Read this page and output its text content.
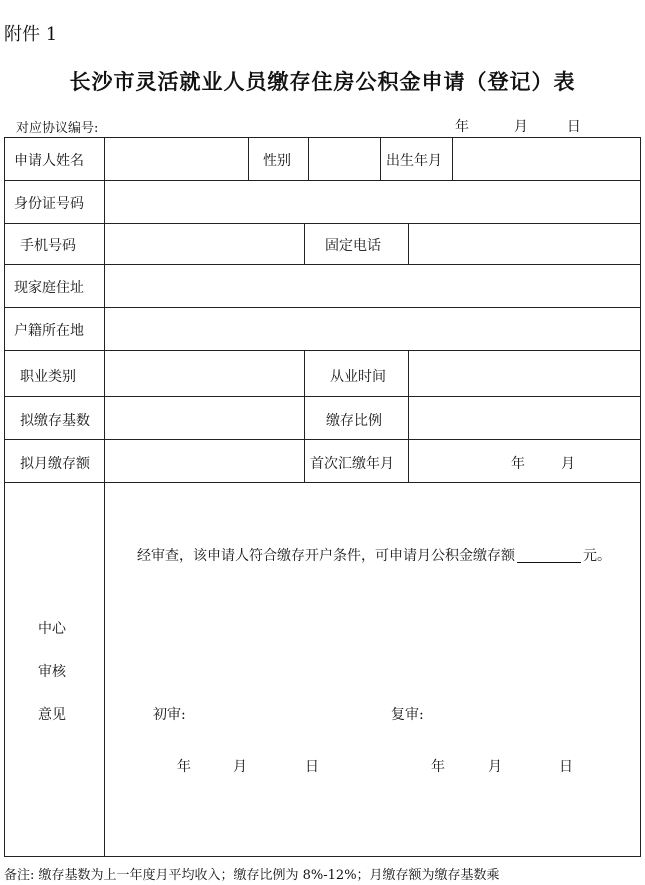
附件 1
长沙市灵活就业人员缴存住房公积金申请（登记）表
对应协议编号:	年	月	日
申请人姓名	性别	出生年月
身份证号码
手机号码	固定电话
现家庭住址
户籍所在地
职业类别	从业时间
拟缴存基数	缴存比例
拟月缴存额	首次汇缴年月	年	月
中心
审核
意见
经审查，该申请人符合缴存开户条件，可申请月公积金缴存额	元。
初审:	复审:
年	月	日	年	月	日
备注: 缴存基数为上一年度月平均收入；缴存比例为 8%-12%；月缴存额为缴存基数乘
